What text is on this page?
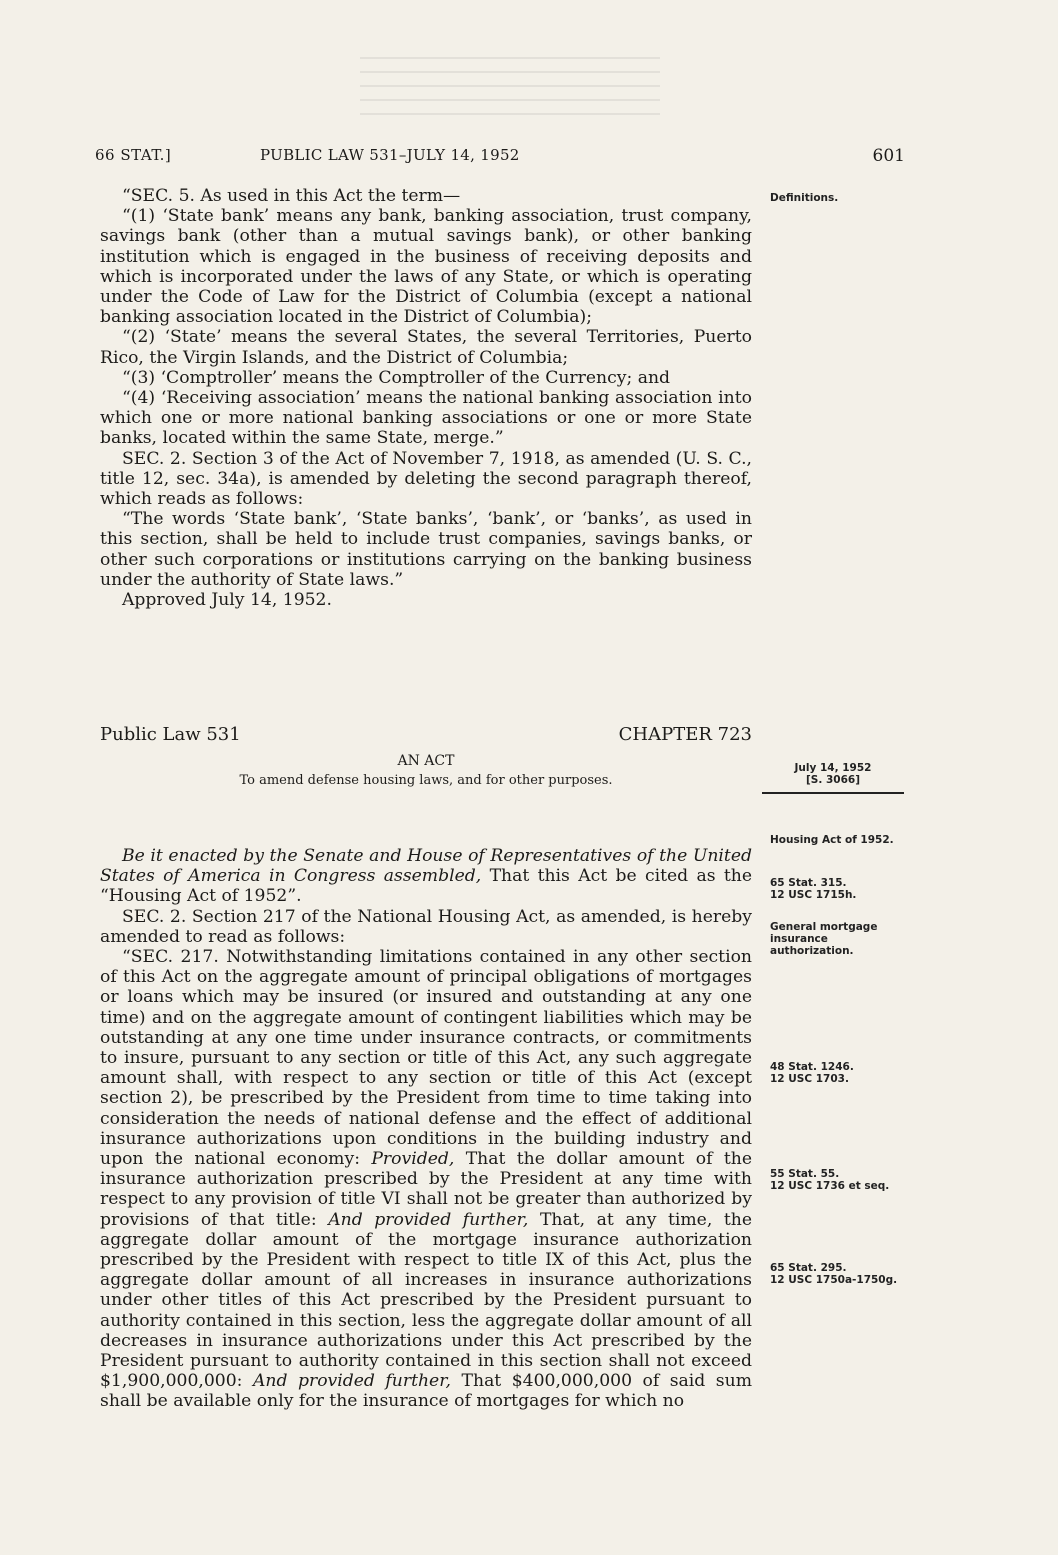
66 STAT.]	PUBLIC LAW 531–JULY 14, 1952	601

“SEC. 5. As used in this Act the term—

“(1) ‘State bank’ means any bank, banking association, trust company, savings bank (other than a mutual savings bank), or other banking institution which is engaged in the business of receiving deposits and which is incorporated under the laws of any State, or which is operating under the Code of Law for the District of Columbia (except a national banking association located in the District of Columbia);

“(2) ‘State’ means the several States, the several Territories, Puerto Rico, the Virgin Islands, and the District of Columbia;

“(3) ‘Comptroller’ means the Comptroller of the Currency; and

“(4) ‘Receiving association’ means the national banking association into which one or more national banking associations or one or more State banks, located within the same State, merge.”

SEC. 2. Section 3 of the Act of November 7, 1918, as amended (U. S. C., title 12, sec. 34a), is amended by deleting the second paragraph thereof, which reads as follows:

“The words ‘State bank’, ‘State banks’, ‘bank’, or ‘banks’, as used in this section, shall be held to include trust companies, savings banks, or other such corporations or institutions carrying on the banking business under the authority of State laws.”

Approved July 14, 1952.

Public Law 531	CHAPTER 723
AN ACT
To amend defense housing laws, and for other purposes.

Be it enacted by the Senate and House of Representatives of the United States of America in Congress assembled, That this Act be cited as the “Housing Act of 1952”.

SEC. 2. Section 217 of the National Housing Act, as amended, is hereby amended to read as follows:

“SEC. 217. Notwithstanding limitations contained in any other section of this Act on the aggregate amount of principal obligations of mortgages or loans which may be insured (or insured and outstanding at any one time) and on the aggregate amount of contingent liabilities which may be outstanding at any one time under insurance contracts, or commitments to insure, pursuant to any section or title of this Act, any such aggregate amount shall, with respect to any section or title of this Act (except section 2), be prescribed by the President from time to time taking into consideration the needs of national defense and the effect of additional insurance authorizations upon conditions in the building industry and upon the national economy: Provided, That the dollar amount of the insurance authorization prescribed by the President at any time with respect to any provision of title VI shall not be greater than authorized by provisions of that title: And provided further, That, at any time, the aggregate dollar amount of the mortgage insurance authorization prescribed by the President with respect to title IX of this Act, plus the aggregate dollar amount of all increases in insurance authorizations under other titles of this Act prescribed by the President pursuant to authority contained in this section, less the aggregate dollar amount of all decreases in insurance authorizations under this Act prescribed by the President pursuant to authority contained in this section shall not exceed $1,900,000,000: And provided further, That $400,000,000 of said sum shall be available only for the insurance of mortgages for which no

Definitions.
July 14, 1952
[S. 3066]
Housing Act of 1952.
65 Stat. 315.
12 USC 1715h.
General mortgage insurance authorization.
48 Stat. 1246.
12 USC 1703.
55 Stat. 55.
12 USC 1736 et seq.
65 Stat. 295.
12 USC 1750a-1750g.
